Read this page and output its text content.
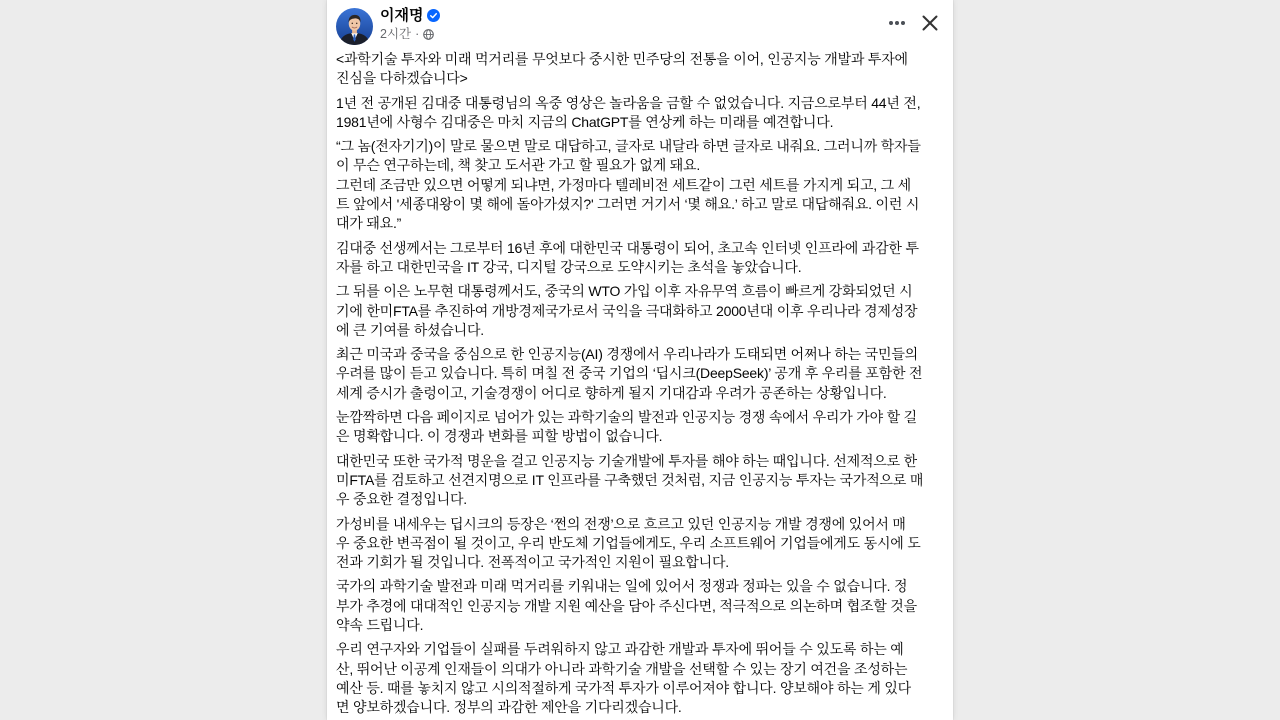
이재명
2시간 ·
<과학기술 투자와 미래 먹거리를 무엇보다 중시한 민주당의 전통을 이어, 인공지능 개발과 투자에
진심을 다하겠습니다>
1년 전 공개된 김대중 대통령님의 옥중 영상은 놀라움을 금할 수 없었습니다. 지금으로부터 44년 전,
1981년에 사형수 김대중은 마치 지금의 ChatGPT를 연상케 하는 미래를 예견합니다.
“그 놈(전자기기)이 말로 물으면 말로 대답하고, 글자로 내달라 하면 글자로 내줘요. 그러니까 학자들
이 무슨 연구하는데, 책 찾고 도서관 가고 할 필요가 없게 돼요.
그런데 조금만 있으면 어떻게 되냐면, 가정마다 텔레비전 세트같이 그런 세트를 가지게 되고, 그 세
트 앞에서 '세종대왕이 몇 해에 돌아가셨지?' 그러면 거기서 ‘몇 해요.’ 하고 말로 대답해줘요. 이런 시
대가 돼요.”
김대중 선생께서는 그로부터 16년 후에 대한민국 대통령이 되어, 초고속 인터넷 인프라에 과감한 투
자를 하고 대한민국을 IT 강국, 디지털 강국으로 도약시키는 초석을 놓았습니다.
그 뒤를 이은 노무현 대통령께서도, 중국의 WTO 가입 이후 자유무역 흐름이 빠르게 강화되었던 시
기에 한미FTA를 추진하여 개방경제국가로서 국익을 극대화하고 2000년대 이후 우리나라 경제성장
에 큰 기여를 하셨습니다.
최근 미국과 중국을 중심으로 한 인공지능(AI) 경쟁에서 우리나라가 도태되면 어쩌나 하는 국민들의
우려를 많이 듣고 있습니다. 특히 며칠 전 중국 기업의 ‘딥시크(DeepSeek)’ 공개 후 우리를 포함한 전
세계 증시가 출렁이고, 기술경쟁이 어디로 향하게 될지 기대감과 우려가 공존하는 상황입니다.
눈깜짝하면 다음 페이지로 넘어가 있는 과학기술의 발전과 인공지능 경쟁 속에서 우리가 가야 할 길
은 명확합니다. 이 경쟁과 변화를 피할 방법이 없습니다.
대한민국 또한 국가적 명운을 걸고 인공지능 기술개발에 투자를 해야 하는 때입니다. 선제적으로 한
미FTA를 검토하고 선견지명으로 IT 인프라를 구축했던 것처럼, 지금 인공지능 투자는 국가적으로 매
우 중요한 결정입니다.
가성비를 내세우는 딥시크의 등장은 ‘쩐의 전쟁’으로 흐르고 있던 인공지능 개발 경쟁에 있어서 매
우 중요한 변곡점이 될 것이고, 우리 반도체 기업들에게도, 우리 소프트웨어 기업들에게도 동시에 도
전과 기회가 될 것입니다. 전폭적이고 국가적인 지원이 필요합니다.
국가의 과학기술 발전과 미래 먹거리를 키워내는 일에 있어서 정쟁과 정파는 있을 수 없습니다. 정
부가 추경에 대대적인 인공지능 개발 지원 예산을 담아 주신다면, 적극적으로 의논하며 협조할 것을
약속 드립니다.
우리 연구자와 기업들이 실패를 두려워하지 않고 과감한 개발과 투자에 뛰어들 수 있도록 하는 예
산, 뛰어난 이공계 인재들이 의대가 아니라 과학기술 개발을 선택할 수 있는 장기 여건을 조성하는
예산 등. 때를 놓치지 않고 시의적절하게 국가적 투자가 이루어져야 합니다. 양보해야 하는 게 있다
면 양보하겠습니다. 정부의 과감한 제안을 기다리겠습니다.
